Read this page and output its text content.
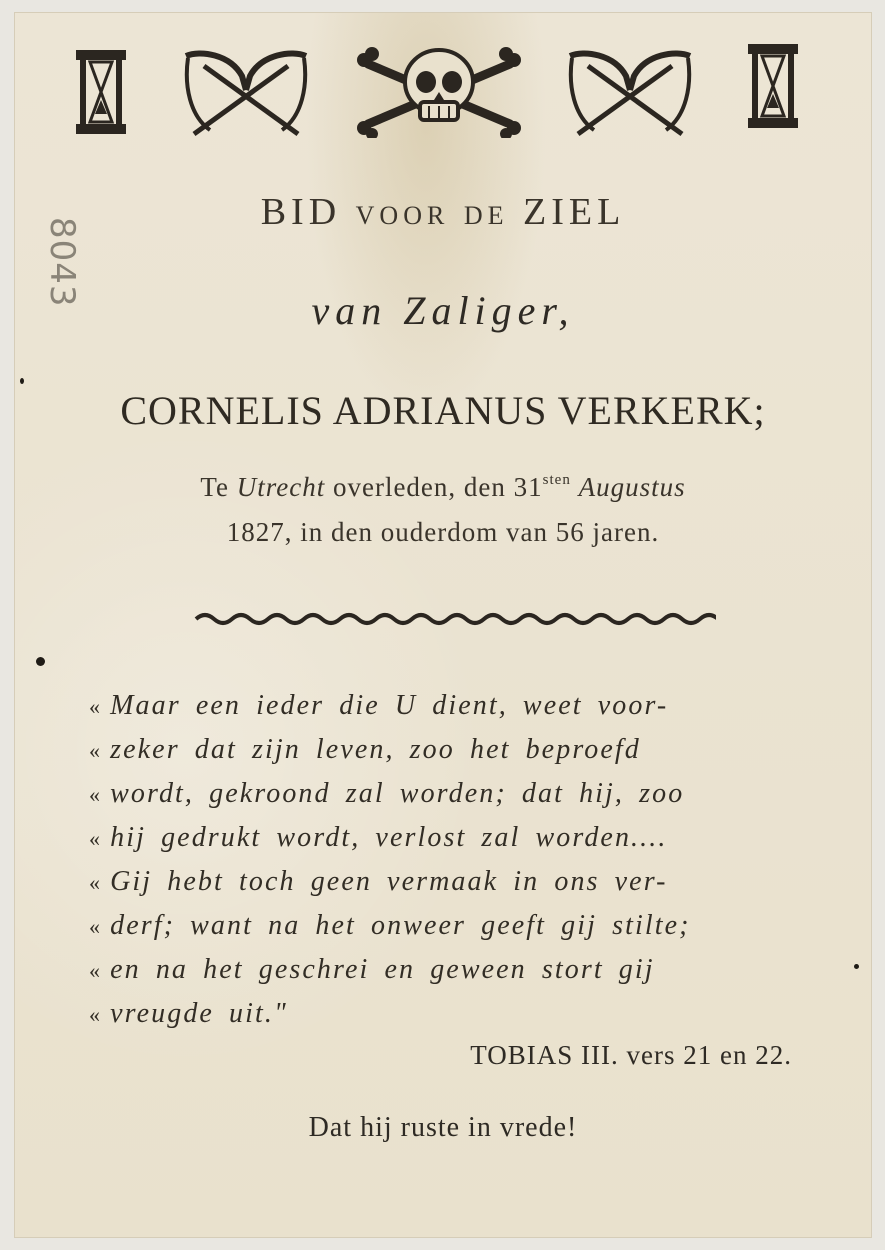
8043
BID VOOR DE ZIEL
van Zaliger,
CORNELIS ADRIANUS VERKERK;
Te Utrecht overleden, den $31^{sten}$ Augustus
1827, in den ouderdom van 56 jaren.
« Maar een ieder die U dient, weet voor-
« zeker dat zijn leven, zoo het beproefd
« wordt, gekroond zal worden; dat hij, zoo
« hij gedrukt wordt, verlost zal worden....
« Gij hebt toch geen vermaak in ons ver-
« derf; want na het onweer geeft gij stilte;
« en na het geschrei en geween stort gij
« vreugde uit."
TOBIAS III. vers 21 en 22.
Dat hij ruste in vrede!
